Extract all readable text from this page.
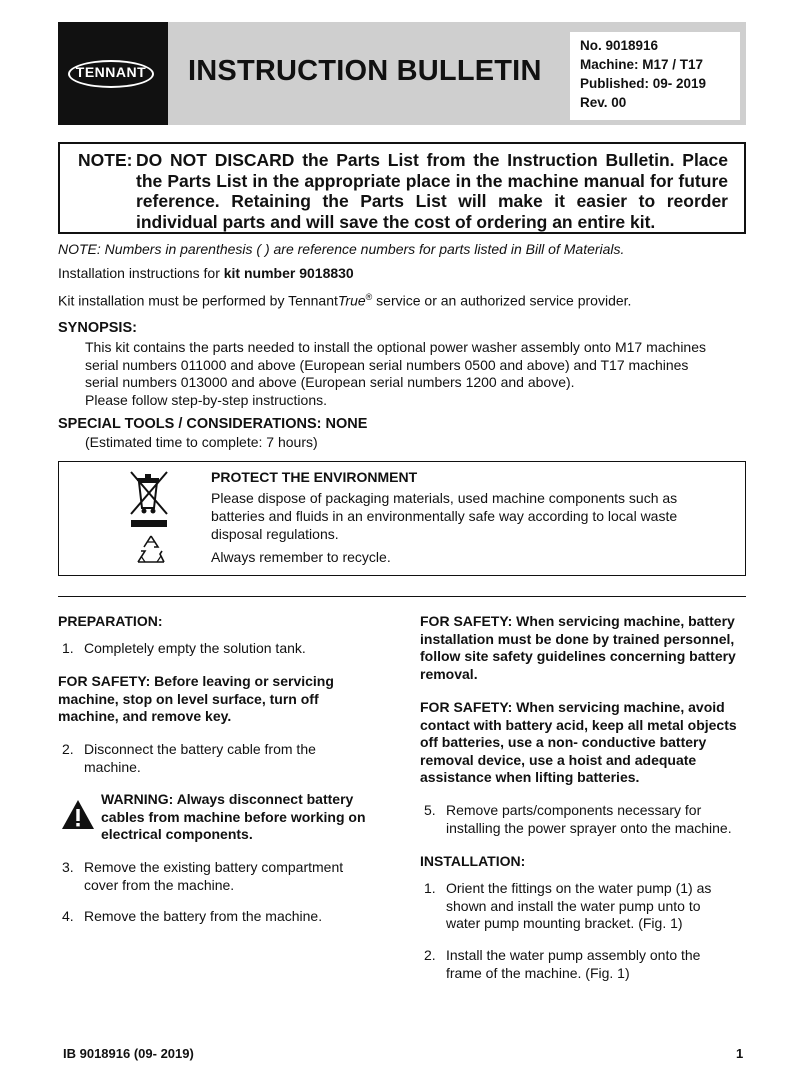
TENNANT INSTRUCTION BULLETIN
No. 9018916
Machine: M17 / T17
Published: 09- 2019
Rev. 00
NOTE: DO NOT DISCARD the Parts List from the Instruction Bulletin. Place the Parts List in the appropriate place in the machine manual for future reference. Retaining the Parts List will make it easier to reorder individual parts and will save the cost of ordering an entire kit.
NOTE: Numbers in parenthesis ( ) are reference numbers for parts listed in Bill of Materials.
Installation instructions for kit number 9018830
Kit installation must be performed by TennantTrue® service or an authorized service provider.
SYNOPSIS:
This kit contains the parts needed to install the optional power washer assembly onto M17 machines
serial numbers 011000 and above (European serial numbers 0500 and above) and T17 machines
serial numbers 013000 and above (European serial numbers 1200 and above).
Please follow step-by-step instructions.
SPECIAL TOOLS / CONSIDERATIONS: NONE
(Estimated time to complete: 7 hours)
PROTECT THE ENVIRONMENT
Please dispose of packaging materials, used machine components such as batteries and fluids in an environmentally safe way according to local waste disposal regulations.
Always remember to recycle.
PREPARATION:
1. Completely empty the solution tank.
FOR SAFETY: Before leaving or servicing machine, stop on level surface, turn off machine, and remove key.
2. Disconnect the battery cable from the machine.
WARNING: Always disconnect battery cables from machine before working on electrical components.
3. Remove the existing battery compartment cover from the machine.
4. Remove the battery from the machine.
FOR SAFETY: When servicing machine, battery installation must be done by trained personnel, follow site safety guidelines concerning battery removal.
FOR SAFETY: When servicing machine, avoid contact with battery acid, keep all metal objects off batteries, use a non- conductive battery removal device, use a hoist and adequate assistance when lifting batteries.
5. Remove parts/components necessary for installing the power sprayer onto the machine.
INSTALLATION:
1. Orient the fittings on the water pump (1) as shown and install the water pump unto to water pump mounting bracket. (Fig. 1)
2. Install the water pump assembly onto the frame of the machine. (Fig. 1)
IB 9018916 (09- 2019)	1
